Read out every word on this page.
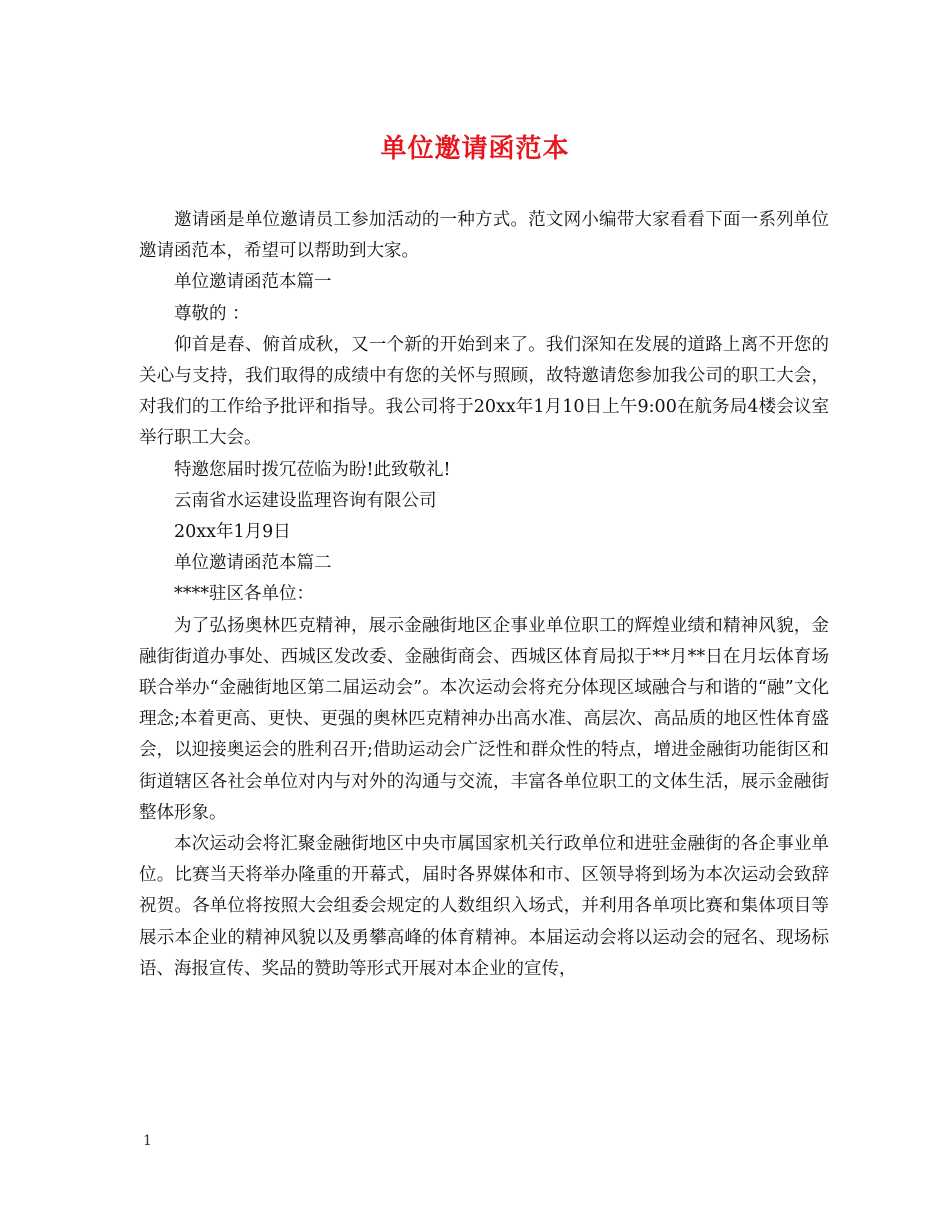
单位邀请函范本

邀请函是单位邀请员工参加活动的一种方式。范文网小编带大家看看下面一系列单位邀请函范本，希望可以帮助到大家。

单位邀请函范本篇一

尊敬的 ：

仰首是春、俯首成秋，又一个新的开始到来了。我们深知在发展的道路上离不开您的关心与支持，我们取得的成绩中有您的关怀与照顾，故特邀请您参加我公司的职工大会，对我们的工作给予批评和指导。我公司将于20xx年1月10日上午9:00在航务局4楼会议室举行职工大会。

特邀您届时拨冗莅临为盼!此致敬礼!

云南省水运建设监理咨询有限公司

20xx年1月9日

单位邀请函范本篇二

****驻区各单位：

为了弘扬奥林匹克精神，展示金融街地区企事业单位职工的辉煌业绩和精神风貌，金融街街道办事处、西城区发改委、金融街商会、西城区体育局拟于**月**日在月坛体育场联合举办“金融街地区第二届运动会”。本次运动会将充分体现区域融合与和谐的“融”文化理念;本着更高、更快、更强的奥林匹克精神办出高水准、高层次、高品质的地区性体育盛会，以迎接奥运会的胜利召开;借助运动会广泛性和群众性的特点，增进金融街功能街区和街道辖区各社会单位对内与对外的沟通与交流，丰富各单位职工的文体生活，展示金融街整体形象。

本次运动会将汇聚金融街地区中央市属国家机关行政单位和进驻金融街的各企事业单位。比赛当天将举办隆重的开幕式，届时各界媒体和市、区领导将到场为本次运动会致辞祝贺。各单位将按照大会组委会规定的人数组织入场式，并利用各单项比赛和集体项目等展示本企业的精神风貌以及勇攀高峰的体育精神。本届运动会将以运动会的冠名、现场标语、海报宣传、奖品的赞助等形式开展对本企业的宣传，

1
